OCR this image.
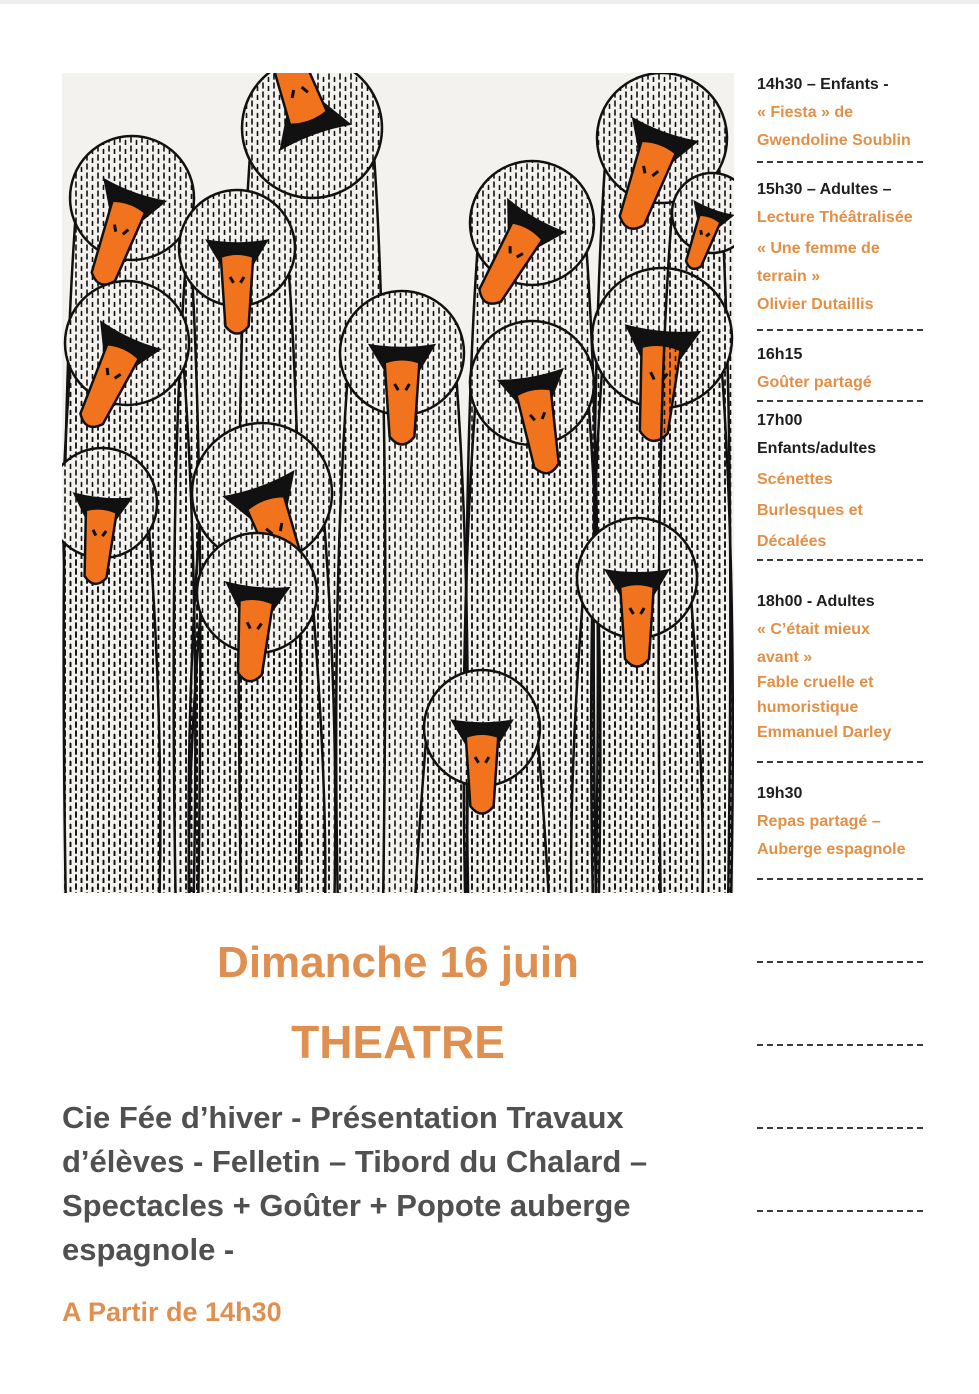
14h30 – Enfants -
« Fiesta » de
Gwendoline Soublin
15h30 – Adultes –
Lecture Théâtralisée
« Une femme de
terrain »
Olivier Dutaillis
16h15
Goûter partagé
17h00
Enfants/adultes
Scénettes
Burlesques et
Décalées
18h00 - Adultes
« C’était mieux
avant »
Fable cruelle et
humoristique
Emmanuel Darley
19h30
Repas partagé –
Auberge espagnole
Dimanche 16 juin
THEATRE
Cie Fée d’hiver - Présentation Travaux
d’élèves - Felletin – Tibord du Chalard –
Spectacles + Goûter + Popote auberge
espagnole -
A Partir de 14h30
